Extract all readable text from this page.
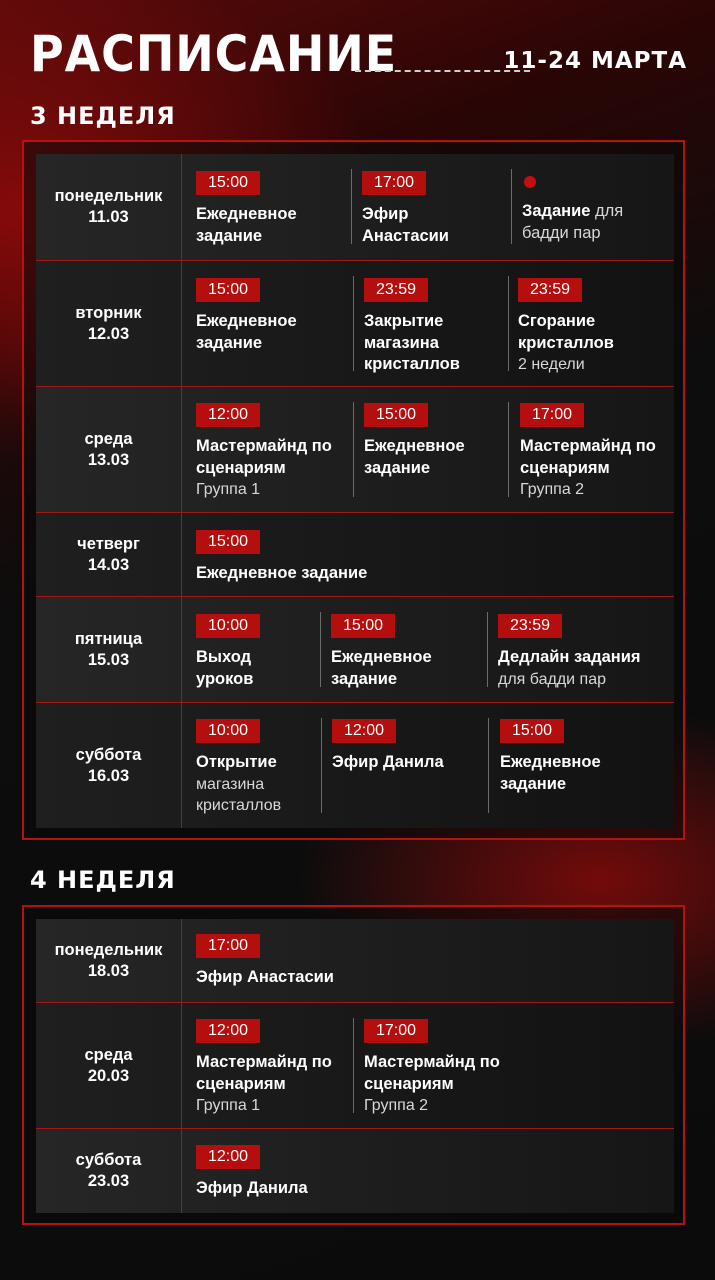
РАСПИСАНИЕ	11-24 МАРТА
3 НЕДЕЛЯ
понедельник
11.03
15:00
Ежедневное задание
17:00
Эфир Анастасии
Задание для бадди пар
вторник
12.03
15:00
Ежедневное задание
23:59
Закрытие магазина кристаллов
23:59
Сгорание кристаллов
2 недели
среда
13.03
12:00
Мастермайнд по сценариям
Группа 1
15:00
Ежедневное задание
17:00
Мастермайнд по сценариям
Группа 2
четверг
14.03
15:00
Ежедневное задание
пятница
15.03
10:00
Выход уроков
15:00
Ежедневное задание
23:59
Дедлайн задания
для бадди пар
суббота
16.03
10:00
Открытие
магазина кристаллов
12:00
Эфир Данила
15:00
Ежедневное задание
4 НЕДЕЛЯ
понедельник
18.03
17:00
Эфир Анастасии
среда
20.03
12:00
Мастермайнд по сценариям
Группа 1
17:00
Мастермайнд по сценариям
Группа 2
суббота
23.03
12:00
Эфир Данила
